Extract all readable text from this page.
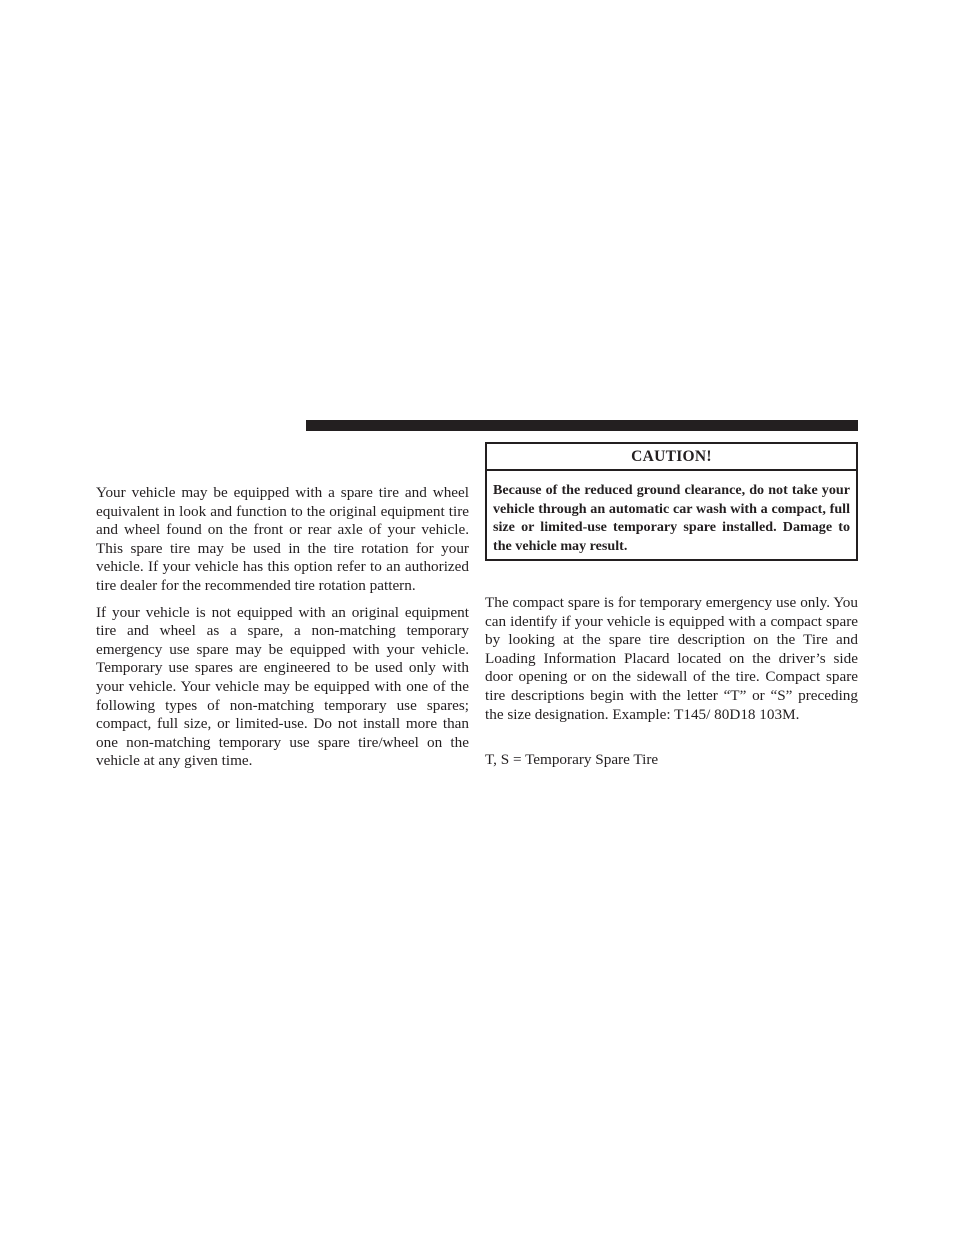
Your vehicle may be equipped with a spare tire and wheel equivalent in look and function to the original equipment tire and wheel found on the front or rear axle of your vehicle. This spare tire may be used in the tire rotation for your vehicle. If your vehicle has this option refer to an authorized tire dealer for the recommended tire rotation pattern.

If your vehicle is not equipped with an original equipment tire and wheel as a spare, a non-matching temporary emergency use spare may be equipped with your vehicle. Temporary use spares are engineered to be used only with your vehicle. Your vehicle may be equipped with one of the following types of non-matching temporary use spares; compact, full size, or limited-use. Do not install more than one non-matching temporary use spare tire/wheel on the vehicle at any given time.

CAUTION!

Because of the reduced ground clearance, do not take your vehicle through an automatic car wash with a compact, full size or limited-use temporary spare installed. Damage to the vehicle may result.

The compact spare is for temporary emergency use only. You can identify if your vehicle is equipped with a compact spare by looking at the spare tire description on the Tire and Loading Information Placard located on the driver’s side door opening or on the sidewall of the tire. Compact spare tire descriptions begin with the letter “T” or “S” preceding the size designation. Example: T145/ 80D18 103M.

T, S = Temporary Spare Tire
